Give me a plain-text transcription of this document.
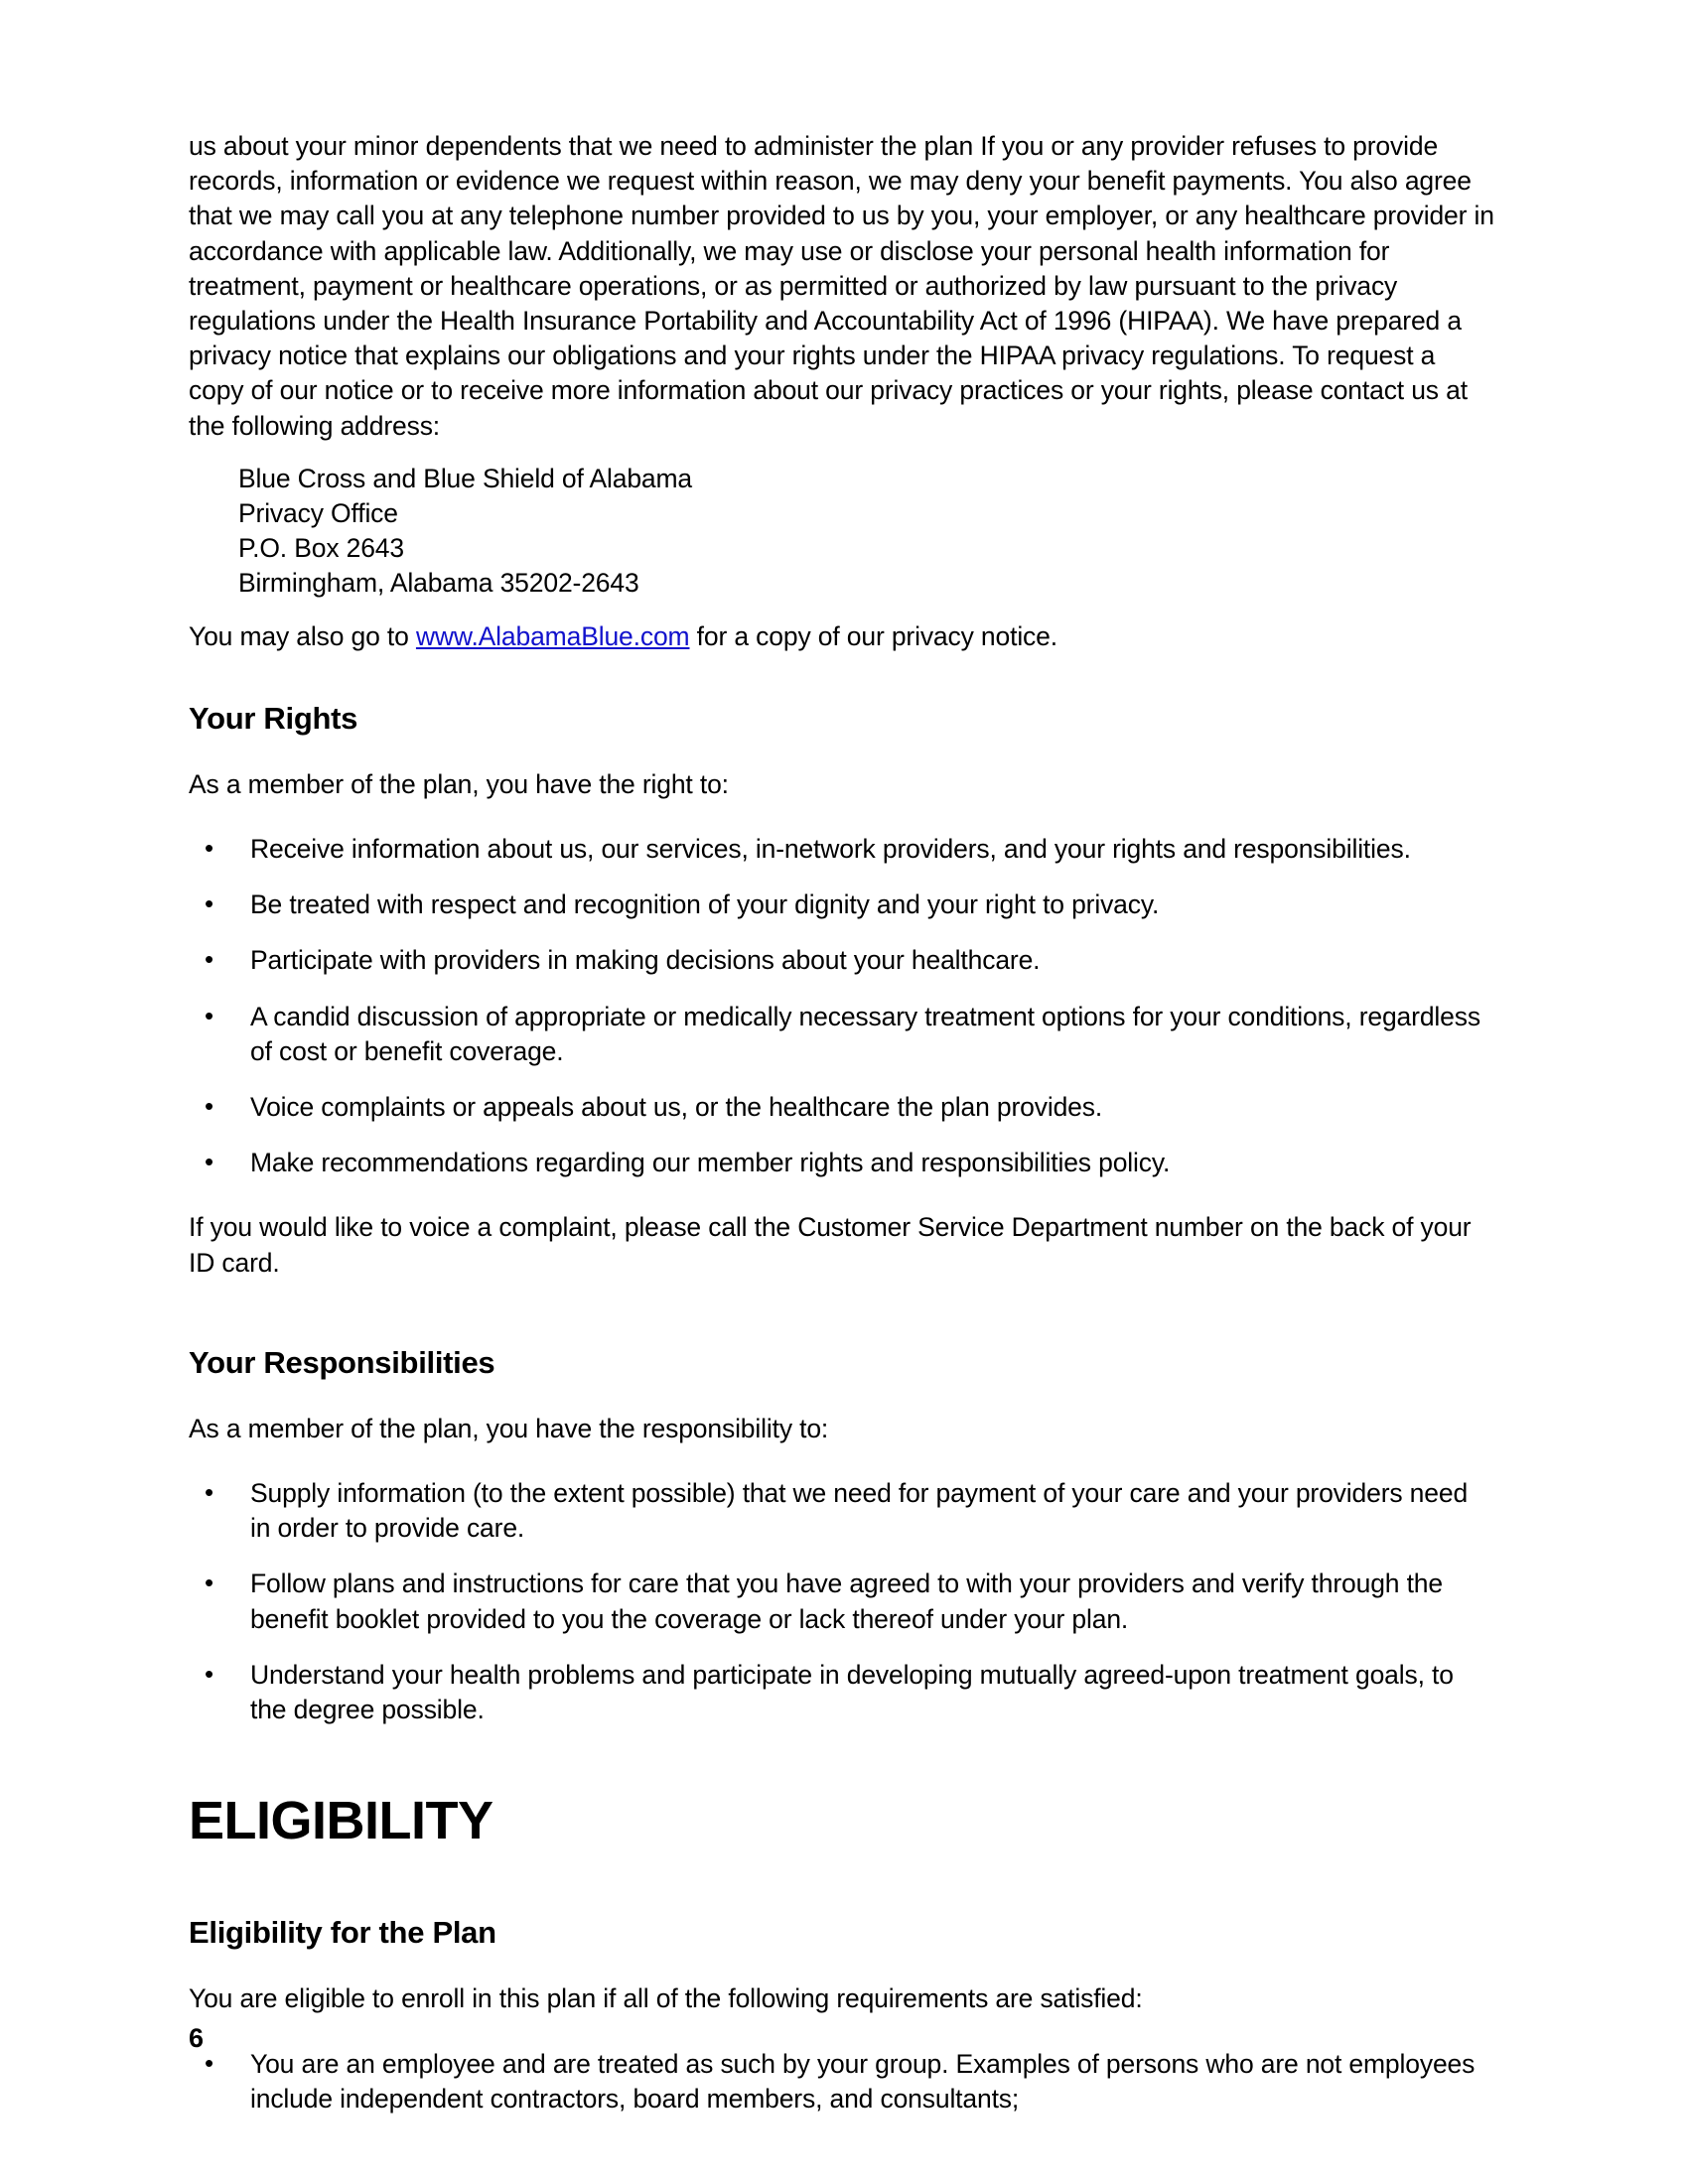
us about your minor dependents that we need to administer the plan If you or any provider refuses to provide records, information or evidence we request within reason, we may deny your benefit payments. You also agree that we may call you at any telephone number provided to us by you, your employer, or any healthcare provider in accordance with applicable law. Additionally, we may use or disclose your personal health information for treatment, payment or healthcare operations, or as permitted or authorized by law pursuant to the privacy regulations under the Health Insurance Portability and Accountability Act of 1996 (HIPAA). We have prepared a privacy notice that explains our obligations and your rights under the HIPAA privacy regulations. To request a copy of our notice or to receive more information about our privacy practices or your rights, please contact us at the following address:

Blue Cross and Blue Shield of Alabama
Privacy Office
P.O. Box 2643
Birmingham, Alabama 35202-2643

You may also go to www.AlabamaBlue.com for a copy of our privacy notice.

Your Rights

As a member of the plan, you have the right to:

• Receive information about us, our services, in-network providers, and your rights and responsibilities.
• Be treated with respect and recognition of your dignity and your right to privacy.
• Participate with providers in making decisions about your healthcare.
• A candid discussion of appropriate or medically necessary treatment options for your conditions, regardless of cost or benefit coverage.
• Voice complaints or appeals about us, or the healthcare the plan provides.
• Make recommendations regarding our member rights and responsibilities policy.

If you would like to voice a complaint, please call the Customer Service Department number on the back of your ID card.

Your Responsibilities

As a member of the plan, you have the responsibility to:

• Supply information (to the extent possible) that we need for payment of your care and your providers need in order to provide care.
• Follow plans and instructions for care that you have agreed to with your providers and verify through the benefit booklet provided to you the coverage or lack thereof under your plan.
• Understand your health problems and participate in developing mutually agreed-upon treatment goals, to the degree possible.
ELIGIBILITY
Eligibility for the Plan

You are eligible to enroll in this plan if all of the following requirements are satisfied:

• You are an employee and are treated as such by your group. Examples of persons who are not employees include independent contractors, board members, and consultants;
6
